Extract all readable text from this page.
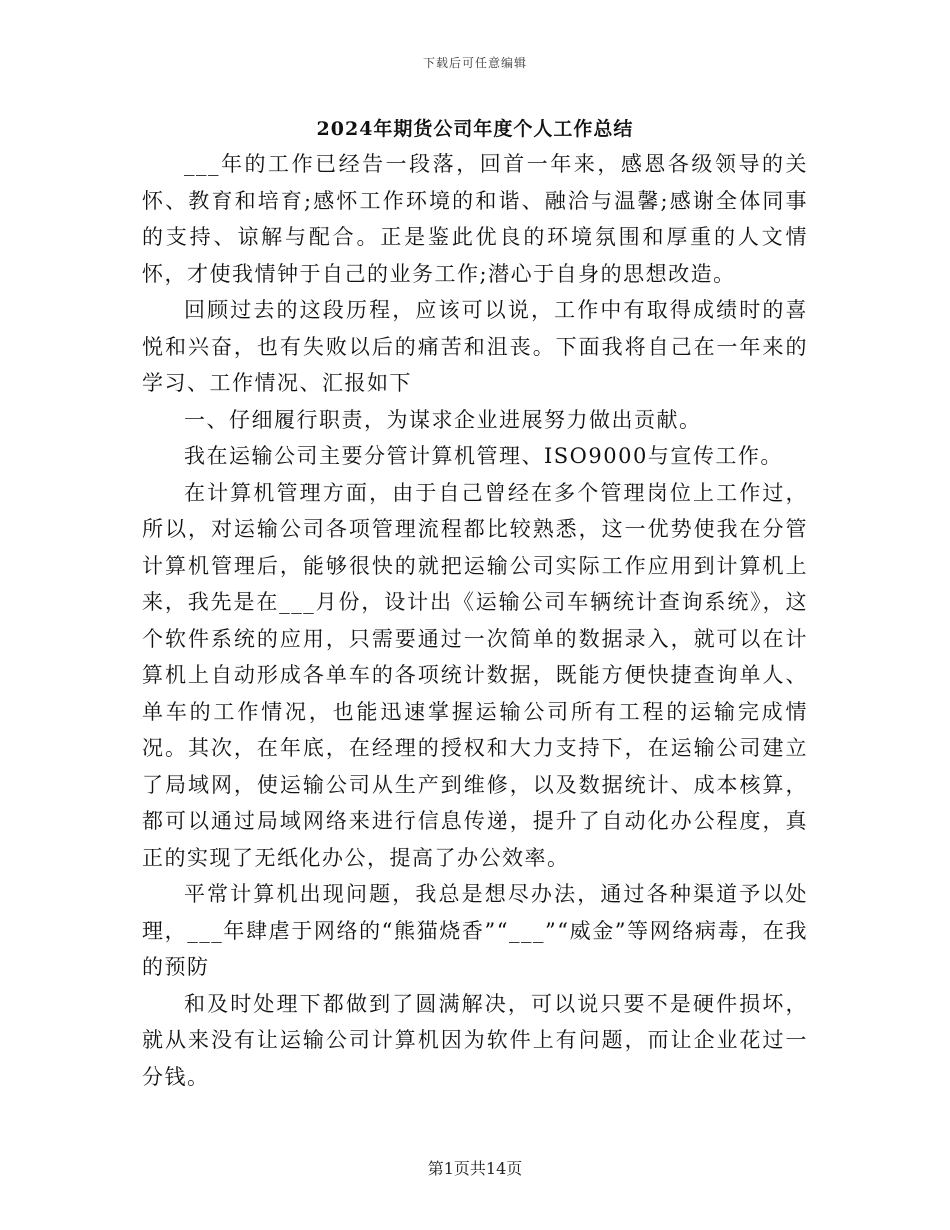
下载后可任意编辑
2024年期货公司年度个人工作总结

___年的工作已经告一段落，回首一年来，感恩各级领导的关怀、教育和培育;感怀工作环境的和谐、融洽与温馨;感谢全体同事的支持、谅解与配合。正是鉴此优良的环境氛围和厚重的人文情怀，才使我情钟于自己的业务工作;潜心于自身的思想改造。

回顾过去的这段历程，应该可以说，工作中有取得成绩时的喜悦和兴奋，也有失败以后的痛苦和沮丧。下面我将自己在一年来的学习、工作情况、汇报如下

一、仔细履行职责，为谋求企业进展努力做出贡献。

我在运输公司主要分管计算机管理、ISO9000与宣传工作。

在计算机管理方面，由于自己曾经在多个管理岗位上工作过，所以，对运输公司各项管理流程都比较熟悉，这一优势使我在分管计算机管理后，能够很快的就把运输公司实际工作应用到计算机上来，我先是在___月份，设计出《运输公司车辆统计查询系统》，这个软件系统的应用，只需要通过一次简单的数据录入，就可以在计算机上自动形成各单车的各项统计数据，既能方便快捷查询单人、单车的工作情况，也能迅速掌握运输公司所有工程的运输完成情况。其次，在年底，在经理的授权和大力支持下，在运输公司建立了局域网，使运输公司从生产到维修，以及数据统计、成本核算，都可以通过局域网络来进行信息传递，提升了自动化办公程度，真正的实现了无纸化办公，提高了办公效率。

平常计算机出现问题，我总是想尽办法，通过各种渠道予以处理，___年肆虐于网络的“熊猫烧香”“___”“威金”等网络病毒，在我的预防

和及时处理下都做到了圆满解决，可以说只要不是硬件损坏，就从来没有让运输公司计算机因为软件上有问题，而让企业花过一分钱。

第1页共14页
